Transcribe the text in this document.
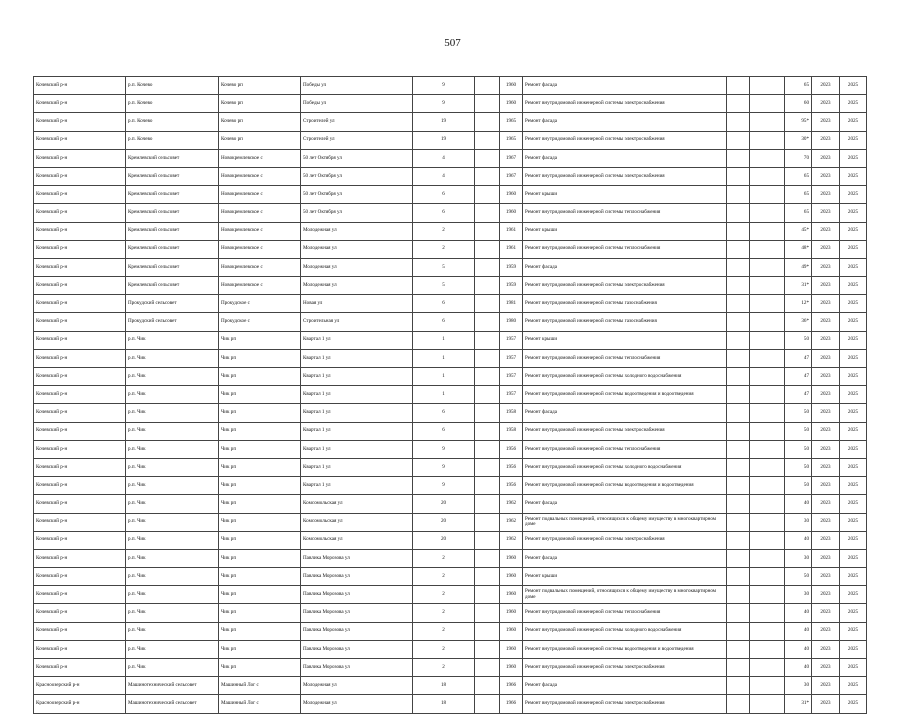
507
Кочевский р-н	р.п. Кочево	Кочево рп	Победы ул	9		1960	Ремонт фасада			65	2023	2025
Кочевский р-н	р.п. Кочево	Кочево рп	Победы ул	9		1960	Ремонт внутридомовой инженерной системы электроснабжения			60	2023	2025
Кочевский р-н	р.п. Кочево	Кочево рп	Строителей ул	19		1965	Ремонт фасада			95*	2023	2025
Кочевский р-н	р.п. Кочево	Кочево рп	Строителей ул	19		1965	Ремонт внутридомовой инженерной системы электроснабжения			30*	2023	2025
Кочевский р-н	Кремлевский сельсовет	Новокремлевское с	50 лет Октября ул	4		1967	Ремонт фасада			70	2023	2025
Кочевский р-н	Кремлевский сельсовет	Новокремлевское с	50 лет Октября ул	4		1967	Ремонт внутридомовой инженерной системы электроснабжения			65	2023	2025
Кочевский р-н	Кремлевский сельсовет	Новокремлевское с	50 лет Октября ул	6		1960	Ремонт крыши			65	2023	2025
Кочевский р-н	Кремлевский сельсовет	Новокремлевское с	50 лет Октября ул	6		1960	Ремонт внутридомовой инженерной системы теплоснабжения			65	2023	2025
Кочевский р-н	Кремлевский сельсовет	Новокремлевское с	Молодежная ул	2		1961	Ремонт крыши			45*	2023	2025
Кочевский р-н	Кремлевский сельсовет	Новокремлевское с	Молодежная ул	2		1961	Ремонт внутридомовой инженерной системы теплоснабжения			48*	2023	2025
Кочевский р-н	Кремлевский сельсовет	Новокремлевское с	Молодежная ул	5		1959	Ремонт фасада			49*	2023	2025
Кочевский р-н	Кремлевский сельсовет	Новокремлевское с	Молодежная ул	5		1959	Ремонт внутридомовой инженерной системы электроснабжения			31*	2023	2025
Кочевский р-н	Прокудский сельсовет	Прокудское с	Новая ул	6		1981	Ремонт внутридомовой инженерной системы газоснабжения			12*	2023	2025
Кочевский р-н	Прокудский сельсовет	Прокудское с	Строительная ул	6		1980	Ремонт внутридомовой инженерной системы газоснабжения			36*	2023	2025
Кочевский р-н	р.п. Чик	Чик рп	Квартал 1 ул	1		1957	Ремонт крыши			50	2023	2025
Кочевский р-н	р.п. Чик	Чик рп	Квартал 1 ул	1		1957	Ремонт внутридомовой инженерной системы теплоснабжения			47	2023	2025
Кочевский р-н	р.п. Чик	Чик рп	Квартал 1 ул	1		1957	Ремонт внутридомовой инженерной системы холодного водоснабжения			47	2023	2025
Кочевский р-н	р.п. Чик	Чик рп	Квартал 1 ул	1		1957	Ремонт внутридомовой инженерной системы водоотведения и водоотведения			47	2023	2025
Кочевский р-н	р.п. Чик	Чик рп	Квартал 1 ул	6		1958	Ремонт фасада			50	2023	2025
Кочевский р-н	р.п. Чик	Чик рп	Квартал 1 ул	6		1958	Ремонт внутридомовой инженерной системы электроснабжения			50	2023	2025
Кочевский р-н	р.п. Чик	Чик рп	Квартал 1 ул	9		1956	Ремонт внутридомовой инженерной системы теплоснабжения			50	2023	2025
Кочевский р-н	р.п. Чик	Чик рп	Квартал 1 ул	9		1956	Ремонт внутридомовой инженерной системы холодного водоснабжения			50	2023	2025
Кочевский р-н	р.п. Чик	Чик рп	Квартал 1 ул	9		1956	Ремонт внутридомовой инженерной системы водоотведения и водоотведения			50	2023	2025
Кочевский р-н	р.п. Чик	Чик рп	Комсомольская ул	20		1962	Ремонт фасада			40	2023	2025
Кочевский р-н	р.п. Чик	Чик рп	Комсомольская ул	20		1962	Ремонт подвальных помещений, относящихся к общему имуществу в многоквартирном доме			30	2023	2025
Кочевский р-н	р.п. Чик	Чик рп	Комсомольская ул	20		1962	Ремонт внутридомовой инженерной системы электроснабжения			40	2023	2025
Кочевский р-н	р.п. Чик	Чик рп	Павлика Морозова ул	2		1960	Ремонт фасада			30	2023	2025
Кочевский р-н	р.п. Чик	Чик рп	Павлика Морозова ул	2		1960	Ремонт крыши			50	2023	2025
Кочевский р-н	р.п. Чик	Чик рп	Павлика Морозова ул	2		1960	Ремонт подвальных помещений, относящихся к общему имуществу в многоквартирном доме			30	2023	2025
Кочевский р-н	р.п. Чик	Чик рп	Павлика Морозова ул	2		1960	Ремонт внутридомовой инженерной системы теплоснабжения			40	2023	2025
Кочевский р-н	р.п. Чик	Чик рп	Павлика Морозова ул	2		1960	Ремонт внутридомовой инженерной системы холодного водоснабжения			40	2023	2025
Кочевский р-н	р.п. Чик	Чик рп	Павлика Морозова ул	2		1960	Ремонт внутридомовой инженерной системы водоотведения и водоотведения			40	2023	2025
Кочевский р-н	р.п. Чик	Чик рп	Павлика Морозова ул	2		1960	Ремонт внутридомовой инженерной системы электроснабжения			40	2023	2025
Красноозерский р-н	Машинотехнический сельсовет	Машинный Лог с	Молодежная ул	18		1966	Ремонт фасада			30	2023	2025
Красноозерский р-н	Машинотехнический сельсовет	Машинный Лог с	Молодежная ул	18		1966	Ремонт внутридомовой инженерной системы электроснабжения			31*	2023	2025
